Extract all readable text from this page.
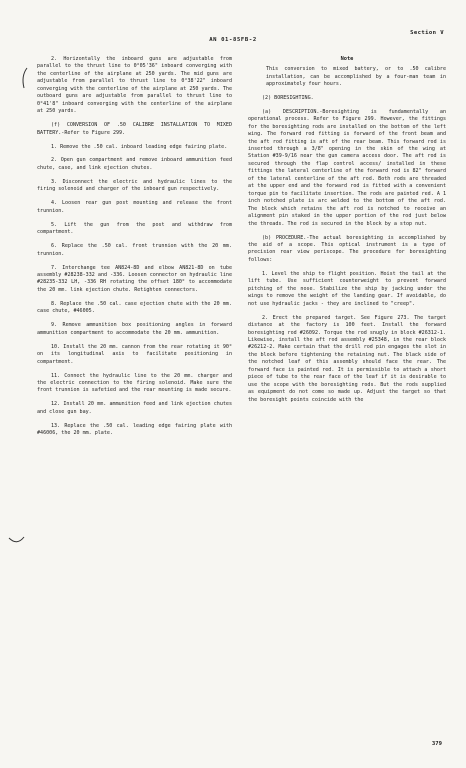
Section V
AN 01-85FB-2

2. Horizontally the inboard guns are adjustable from parallel to the thrust line to 0°05'36" inboard converging with the centerline of the airplane at 250 yards. The mid guns are adjustable from parallel to thrust line to 0°38'22" inboard converging with the centerline of the airplane at 250 yards. The outboard guns are adjustable from parallel to thrust line to 0°41'8" inboard converging with the centerline of the airplane at 250 yards.

(f) CONVERSION OF .50 CALIBRE INSTALLATION TO MIXED BATTERY.-Refer to Figure 299.

1. Remove the .50 cal. inboard leading edge fairing plate.

2. Open gun compartment and remove inboard ammunition feed chute, case, and link ejection chutes.

3. Disconnect the electric and hydraulic lines to the firing solenoid and charger of the inboard gun respectively.

4. Loosen rear gun post mounting and release the front trunnion.

5. Lift the gun from the post and withdraw from compartment.

6. Replace the .50 cal. front trunnion with the 20 mm. trunnion.

7. Interchange tee AN824-8D and elbow AN821-8D on tube assembly #28238-332 and -336. Loosen connector on hydraulic line #28235-332 LH, -336 RH rotating the offset 180° to accommodate the 20 mm. link ejection chute. Retighten connectors.

8. Replace the .50 cal. case ejection chute with the 20 mm. case chute, #46005.

9. Remove ammunition box positioning angles in forward ammunition compartment to accommodate the 20 mm. ammunition.

10. Install the 20 mm. cannon from the rear rotating it 90° on its longitudinal axis to facilitate positioning in compartment.

11. Connect the hydraulic line to the 20 mm. charger and the electric connection to the firing solenoid. Make sure the front trunnion is safetied and the rear mounting is made secure.

12. Install 20 mm. ammunition feed and link ejection chutes and close gun bay.

13. Replace the .50 cal. leading edge fairing plate with #46006, the 20 mm. plate.

Note

This conversion to mixed battery, or to .50 calibre installation, can be accomplished by a four-man team in approximately four hours.

(2) BORESIGHTING.

(a) DESCRIPTION.-Boresighting is fundamentally an operational process. Refer to Figure 299. However, the fittings for the boresighting rods are installed on the bottom of the left wing. The forward rod fitting is forward of the front beam and the aft rod fitting is aft of the rear beam. This forward rod is inserted through a 3/8" opening in the skin of the wing at Station #39-9/16 near the gun camera access door. The aft rod is secured through the flap control access/ installed in these fittings the lateral centerline of the forward rod is 82" forward of the lateral centerline of the aft rod. Both rods are threaded at the upper end and the forward rod is fitted with a convenient torque pin to facilitate insertion. The rods are painted red. A 1 inch notched plate is arc welded to the bottom of the aft rod. The block which retains the aft rod is notched to receive an alignment pin staked in the upper portion of the rod just below the threads. The rod is secured in the block by a stop nut.

(b) PROCEDURE.-The actual boresighting is accomplished by the aid of a scope. This optical instrument is a type of precision rear view periscope. The procedure for boresighting follows:

1. Level the ship to flight position. Hoist the tail at the lift tube. Use sufficient counterweight to prevent forward pitching of the nose. Stabilize the ship by jacking under the wings to remove the weight of the landing gear. If avoidable, do not use hydraulic jacks - they are inclined to "creep".

2. Erect the prepared target. See Figure 273. The target distance at the factory is 100 feet. Install the forward boresighting rod #26092. Torque the rod snugly in block #26312-1. Likewise, install the aft rod assembly #25348, in the rear block #26212-2. Make certain that the drill rod pin engages the slot in the block before tightening the retaining nut. The black side of the notched leaf of this assembly should face the rear. The forward face is painted red. It is permissible to attach a short piece of tube to the rear face of the leaf if it is desirable to use the scope with the boresighting rods. But the rods supplied as equipment do not come so made up. Adjust the target so that the boresight points coincide with the

379
